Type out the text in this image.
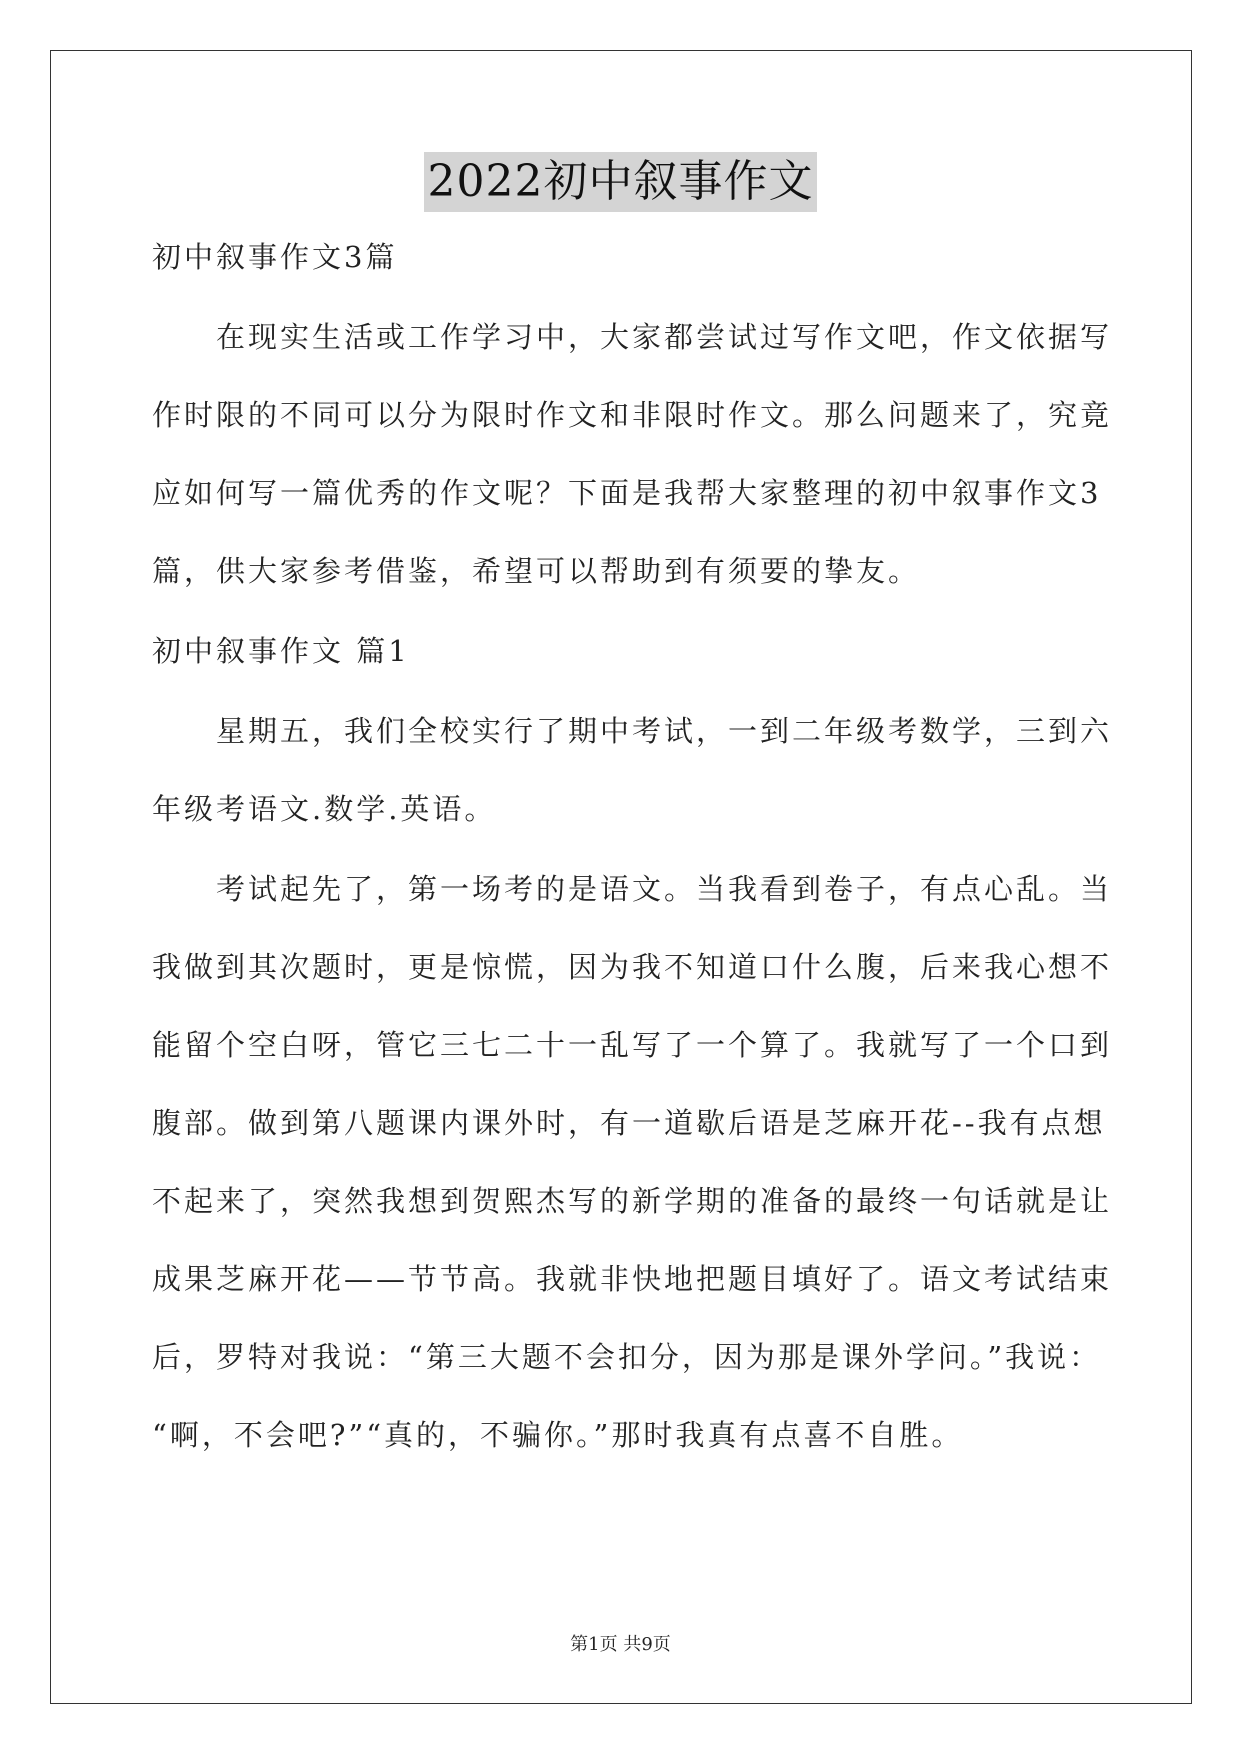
2022初中叙事作文
初中叙事作文3篇
在现实生活或工作学习中，大家都尝试过写作文吧，作文依据写
作时限的不同可以分为限时作文和非限时作文。那么问题来了，究竟
应如何写一篇优秀的作文呢？下面是我帮大家整理的初中叙事作文3
篇，供大家参考借鉴，希望可以帮助到有须要的挚友。
初中叙事作文 篇1
星期五，我们全校实行了期中考试，一到二年级考数学，三到六
年级考语文.数学.英语。
考试起先了，第一场考的是语文。当我看到卷子，有点心乱。当
我做到其次题时，更是惊慌，因为我不知道口什么腹，后来我心想不
能留个空白呀，管它三七二十一乱写了一个算了。我就写了一个口到
腹部。做到第八题课内课外时，有一道歇后语是芝麻开花--我有点想
不起来了，突然我想到贺熙杰写的新学期的准备的最终一句话就是让
成果芝麻开花——节节高。我就非快地把题目填好了。语文考试结束
后，罗特对我说：“第三大题不会扣分，因为那是课外学问。”我说：
“啊，不会吧?”“真的，不骗你。”那时我真有点喜不自胜。
第1页 共9页
